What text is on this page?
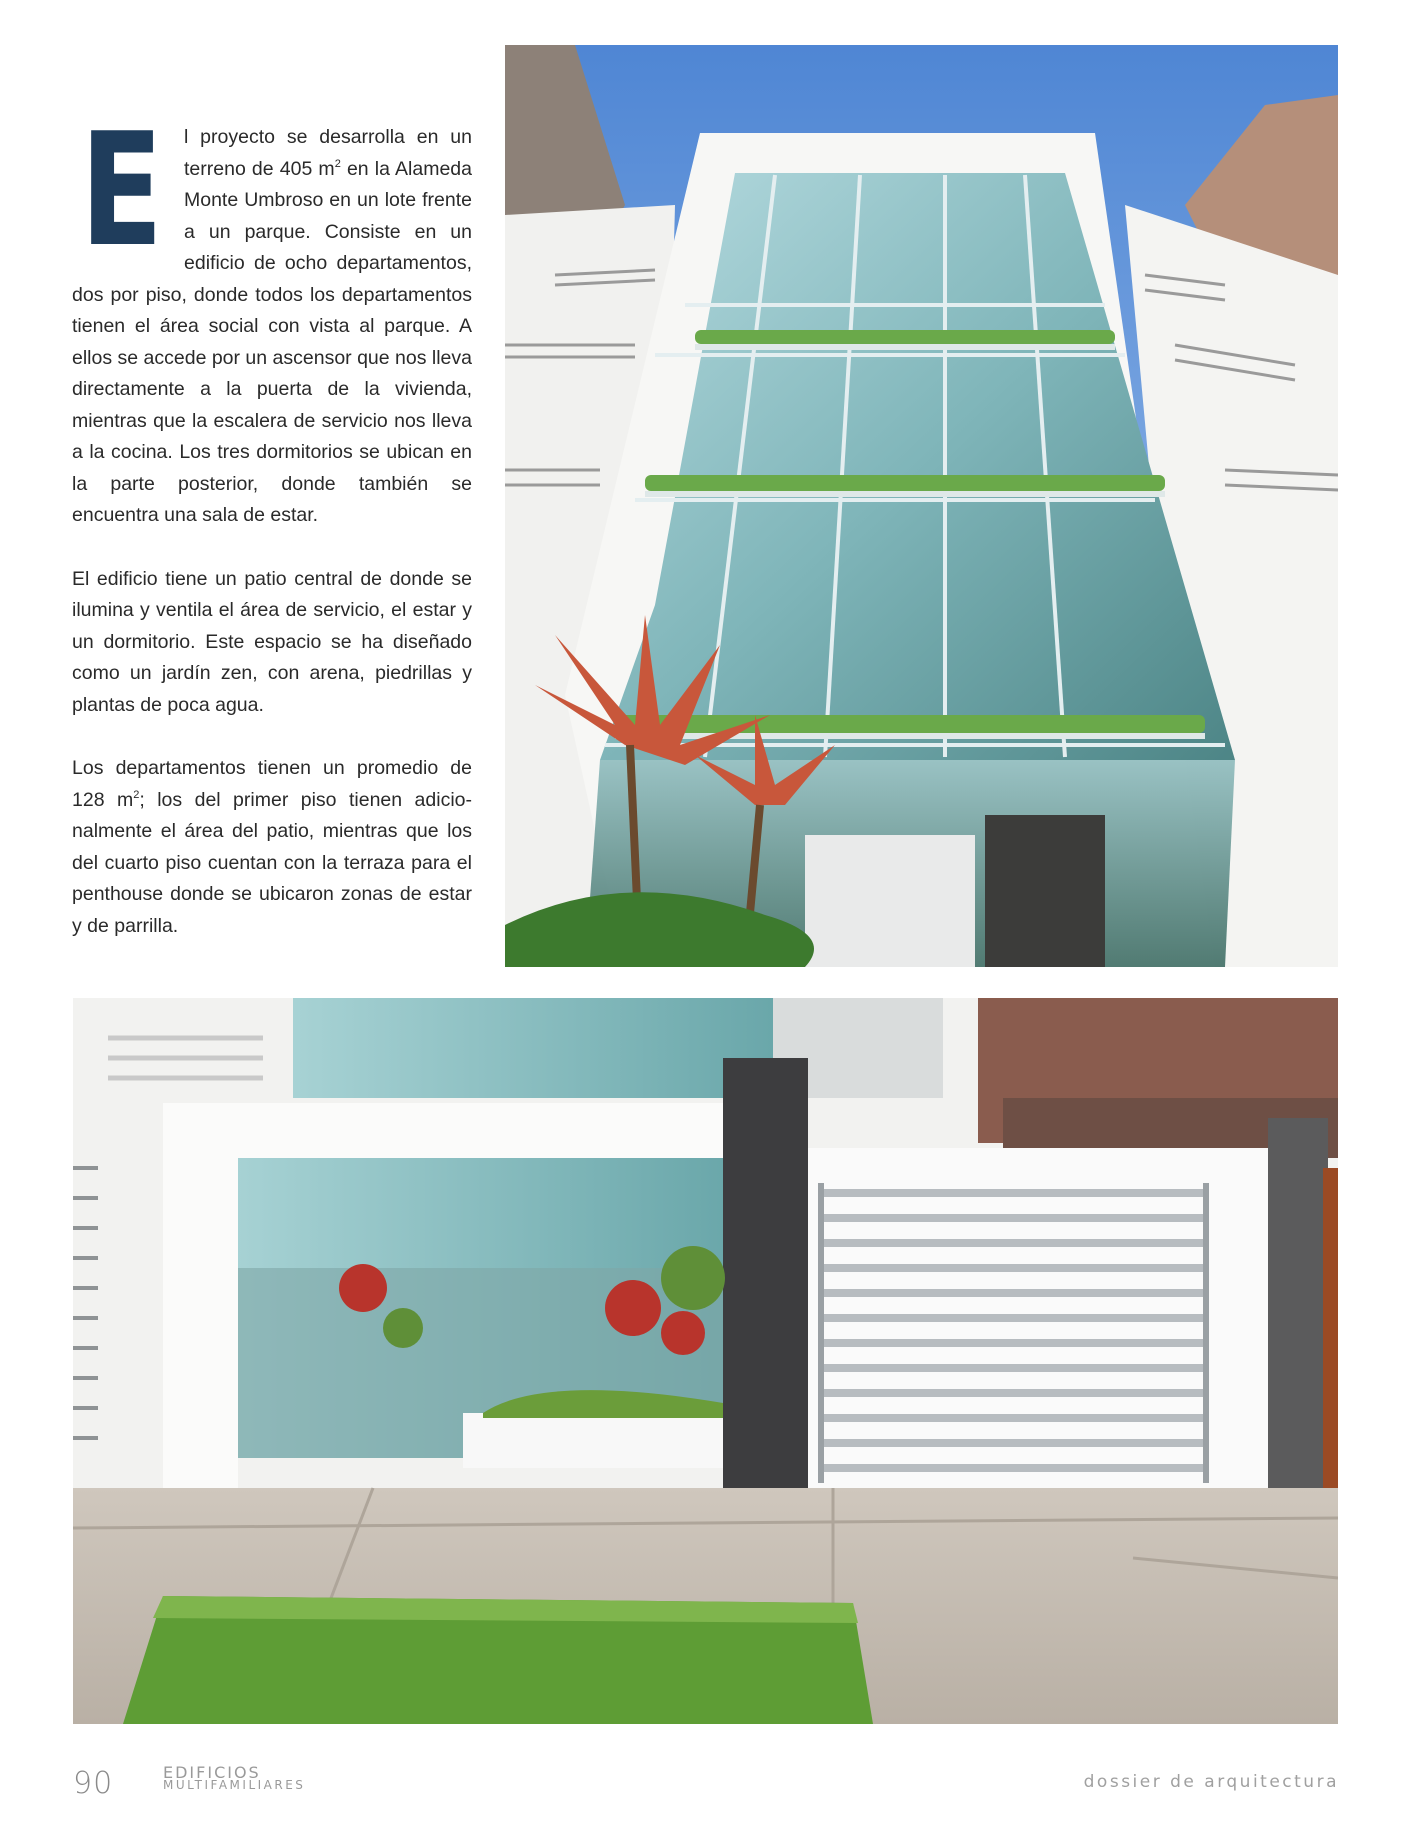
E l proyecto se desarrolla en un terreno de 405 $m^2$ en la Alameda Monte Umbroso en un lote frente a un parque. Consiste en un edificio de ocho departamentos, dos por piso, donde todos los departamentos tienen el área social con vista al parque. A ellos se accede por un ascensor que nos lleva directamente a la puerta de la vivienda, mientras que la escalera de servicio nos lleva a la cocina. Los tres dormitorios se ubican en la parte posterior, donde también se encuentra una sala de estar.

El edificio tiene un patio central de donde se ilumina y ventila el área de servicio, el estar y un dormitorio. Este espacio se ha diseñado como un jardín zen, con arena, piedrillas y plantas de poca agua.

Los departamentos tienen un promedio de 128 $m^2$; los del primer piso tienen adicionalmente el área del patio, mientras que los del cuarto piso cuentan con la terraza para el penthouse donde se ubicaron zonas de estar y de parrilla.

90	EDIFICIOS
MULTIFAMILIARES	dossier de arquitectura
